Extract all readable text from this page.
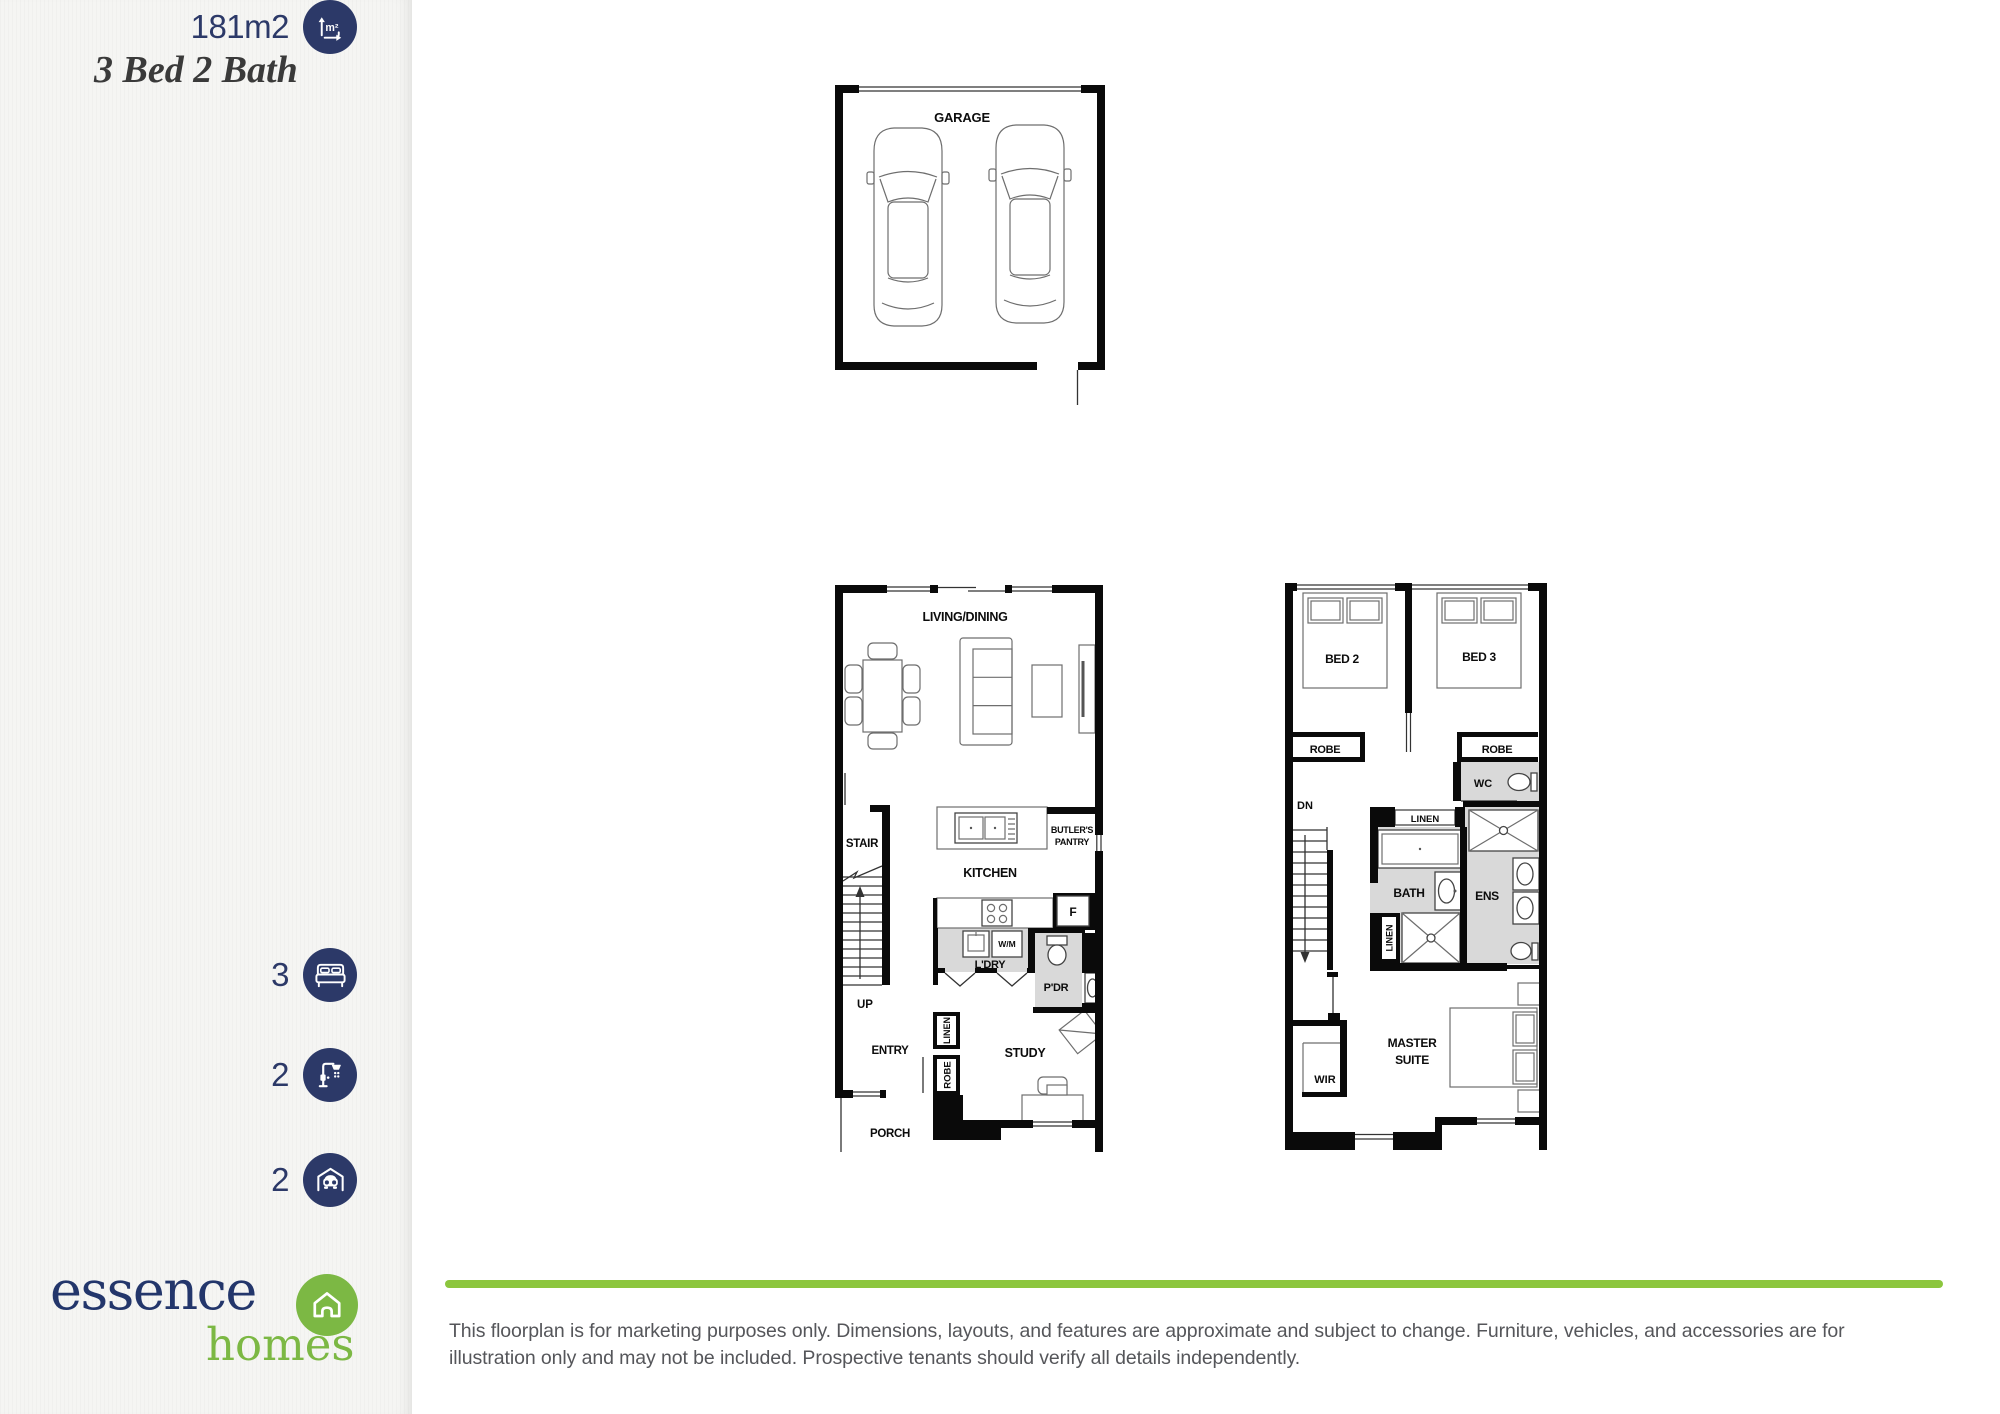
3 Bed 2 Bath
3
2
2
181m2	m²
essence
homes
GARAGE
LIVING/DINING
STAIR
UP
KITCHEN
BUTLER'S
PANTRY
F
W/M
L'DRY
P'DR
ENTRY
LINEN
ROBE
STUDY
PORCH
BED 2	BED 3
ROBE	ROBE
WC
DN
LINEN
BATH	ENS
LINEN
WIR
MASTER
SUITE

This floorplan is for marketing purposes only. Dimensions, layouts, and features are approximate and subject to change. Furniture, vehicles, and accessories are for illustration only and may not be included. Prospective tenants should verify all details independently.
